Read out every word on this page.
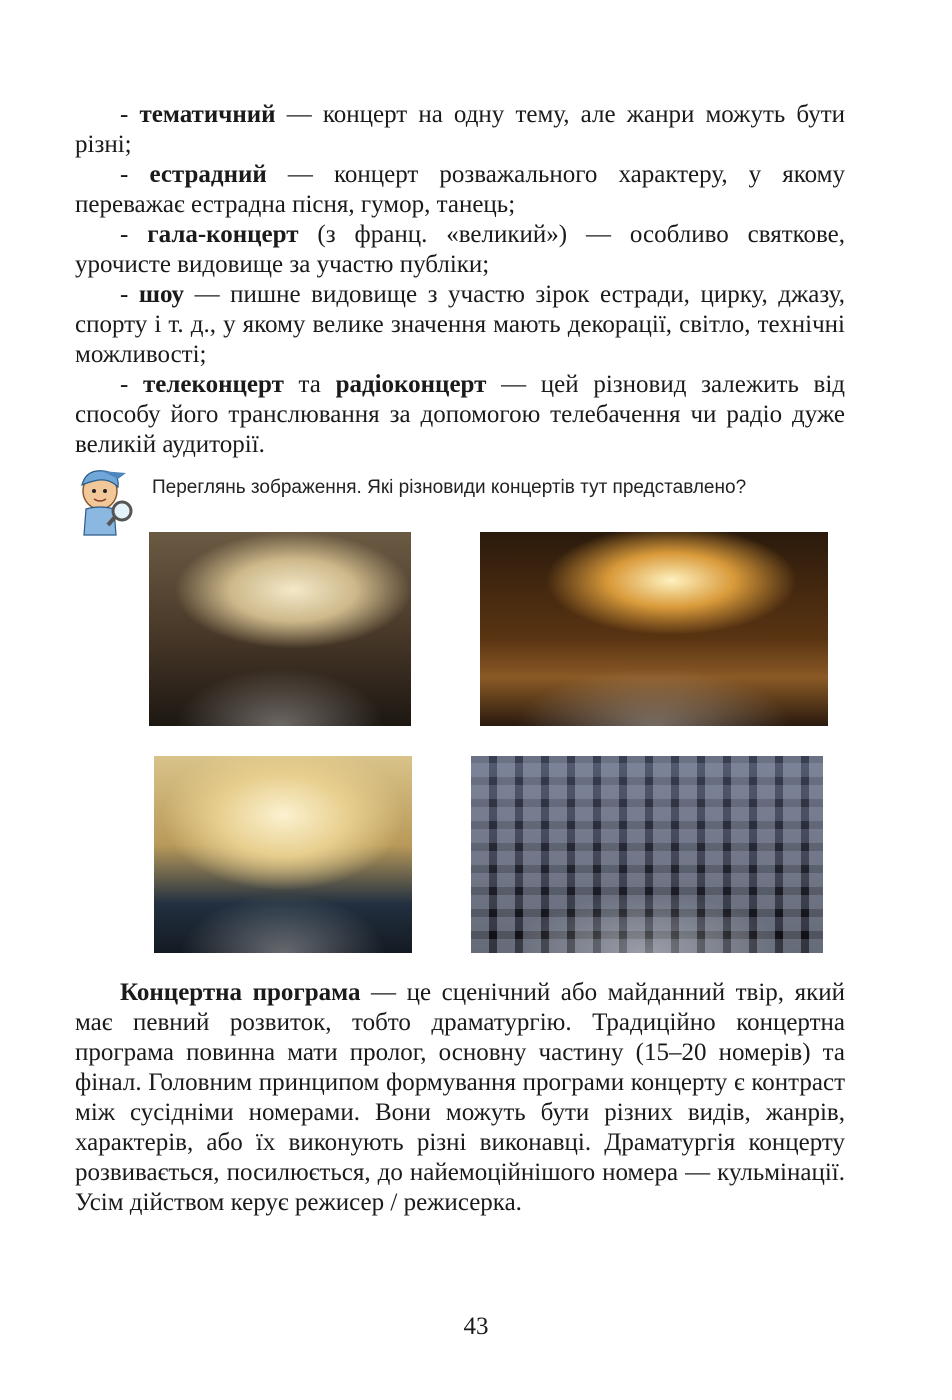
- тематичний — концерт на одну тему, але жанри можуть бути різні;

- естрадний — концерт розважального характеру, у якому переважає естрадна пісня, гумор, танець;

- гала-концерт (з франц. «великий») — особливо святкове, урочисте видовище за участю публіки;

- шоу — пишне видовище з участю зірок естради, цирку, джазу, спорту і т. д., у якому велике значення мають декорації, світло, технічні можливості;

- телеконцерт та радіоконцерт — цей різновид залежить від способу його транслювання за допомогою телебачення чи радіо дуже великій аудиторії.

Переглянь зображення. Які різновиди концертів тут представлено?

Концертна програма — це сценічний або майданний твір, який має певний розвиток, тобто драматургію. Традиційно концертна програма повинна мати пролог, основну частину (15–20 номерів) та фінал. Головним принципом формування програми концерту є контраст між сусідніми номерами. Вони можуть бути різних видів, жанрів, характерів, або їх виконують різні виконавці. Драматургія концерту розвивається, посилюється, до найемоційнішого номера — кульмінації. Усім дійством керує режисер / режисерка.

43
